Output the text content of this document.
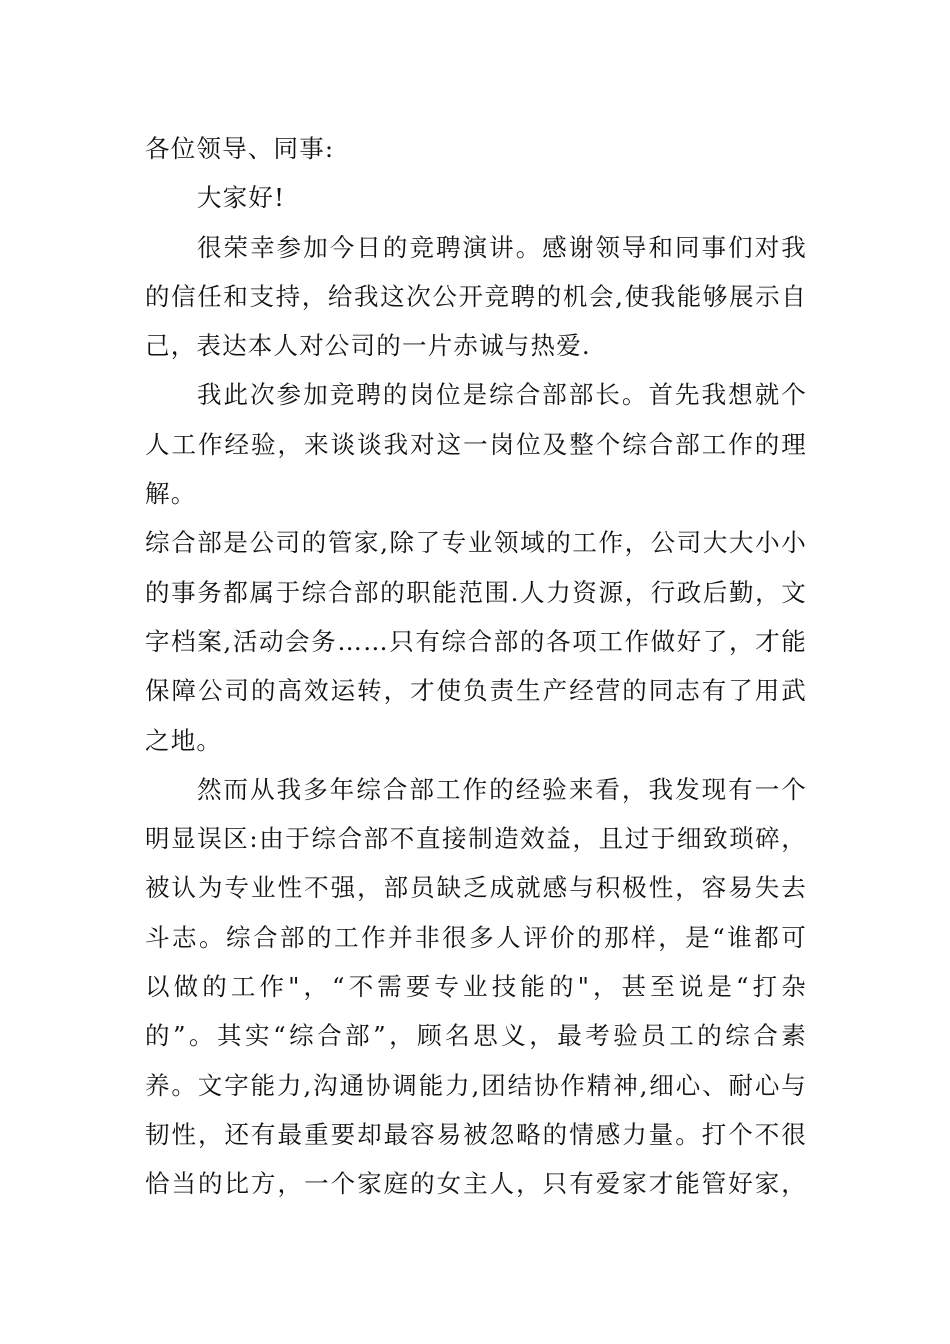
各位领导、同事:
大家好!
很荣幸参加今日的竞聘演讲。感谢领导和同事们对我
的信任和支持，给我这次公开竞聘的机会,使我能够展示自
己，表达本人对公司的一片赤诚与热爱.
我此次参加竞聘的岗位是综合部部长。首先我想就个
人工作经验，来谈谈我对这一岗位及整个综合部工作的理
解。
综合部是公司的管家,除了专业领域的工作，公司大大小小
的事务都属于综合部的职能范围.人力资源，行政后勤，文
字档案,活动会务……只有综合部的各项工作做好了，才能
保障公司的高效运转，才使负责生产经营的同志有了用武
之地。
然而从我多年综合部工作的经验来看，我发现有一个
明显误区:由于综合部不直接制造效益，且过于细致琐碎，
被认为专业性不强，部员缺乏成就感与积极性，容易失去
斗志。综合部的工作并非很多人评价的那样，是“谁都可
以做的工作"，“不需要专业技能的"，甚至说是“打杂
的”。其实“综合部”，顾名思义，最考验员工的综合素
养。文字能力,沟通协调能力,团结协作精神,细心、耐心与
韧性，还有最重要却最容易被忽略的情感力量。打个不很
恰当的比方，一个家庭的女主人，只有爱家才能管好家，
